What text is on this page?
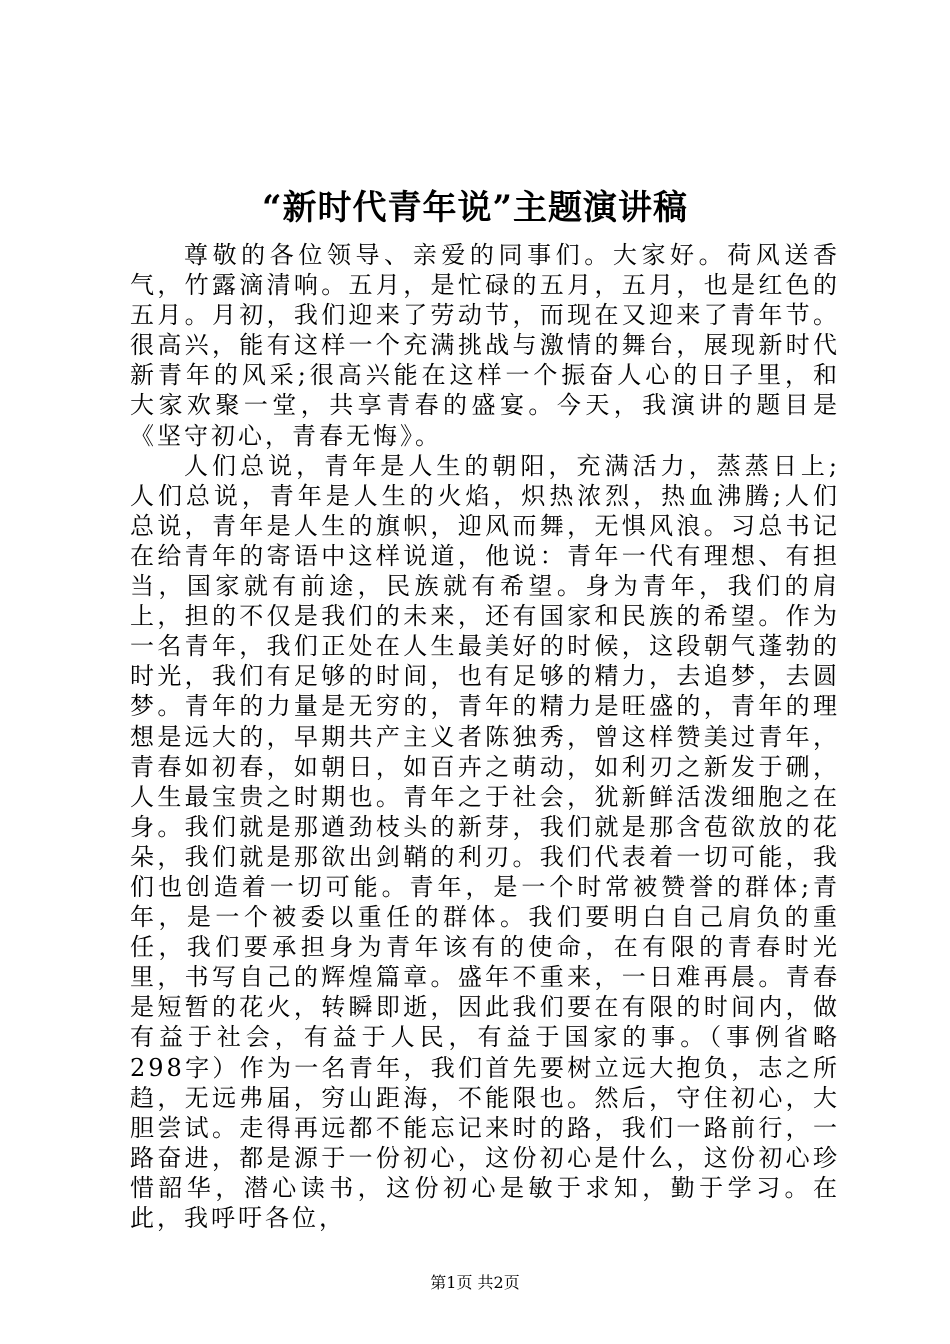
“新时代青年说”主题演讲稿

尊敬的各位领导、亲爱的同事们。大家好。荷风送香气，竹露滴清响。五月，是忙碌的五月，五月，也是红色的五月。月初，我们迎来了劳动节，而现在又迎来了青年节。很高兴，能有这样一个充满挑战与激情的舞台，展现新时代新青年的风采;很高兴能在这样一个振奋人心的日子里，和大家欢聚一堂，共享青春的盛宴。今天，我演讲的题目是《坚守初心，青春无悔》。

人们总说，青年是人生的朝阳，充满活力，蒸蒸日上;人们总说，青年是人生的火焰，炽热浓烈，热血沸腾;人们总说，青年是人生的旗帜，迎风而舞，无惧风浪。习总书记在给青年的寄语中这样说道，他说：青年一代有理想、有担当，国家就有前途，民族就有希望。身为青年，我们的肩上，担的不仅是我们的未来，还有国家和民族的希望。作为一名青年，我们正处在人生最美好的时候，这段朝气蓬勃的时光，我们有足够的时间，也有足够的精力，去追梦，去圆梦。青年的力量是无穷的，青年的精力是旺盛的，青年的理想是远大的，早期共产主义者陈独秀，曾这样赞美过青年，青春如初春，如朝日，如百卉之萌动，如利刃之新发于硎，人生最宝贵之时期也。青年之于社会，犹新鲜活泼细胞之在身。我们就是那遒劲枝头的新芽，我们就是那含苞欲放的花朵，我们就是那欲出剑鞘的利刃。我们代表着一切可能，我们也创造着一切可能。青年，是一个时常被赞誉的群体;青年，是一个被委以重任的群体。我们要明白自己肩负的重任，我们要承担身为青年该有的使命，在有限的青春时光里，书写自己的辉煌篇章。盛年不重来，一日难再晨。青春是短暂的花火，转瞬即逝，因此我们要在有限的时间内，做有益于社会，有益于人民，有益于国家的事。（事例省略298字）作为一名青年，我们首先要树立远大抱负，志之所趋，无远弗届，穷山距海，不能限也。然后，守住初心，大胆尝试。走得再远都不能忘记来时的路，我们一路前行，一路奋进，都是源于一份初心，这份初心是什么，这份初心珍惜韶华，潜心读书，这份初心是敏于求知，勤于学习。在此，我呼吁各位，

第1页 共2页
